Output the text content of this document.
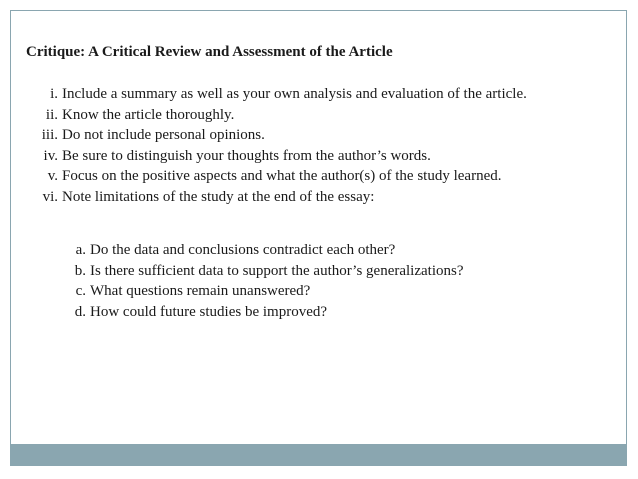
Critique: A Critical Review and Assessment of the Article
i. Include a summary as well as your own analysis and evaluation of the article.
ii. Know the article thoroughly.
iii. Do not include personal opinions.
iv. Be sure to distinguish your thoughts from the author’s words.
v. Focus on the positive aspects and what the author(s) of the study learned.
vi. Note limitations of the study at the end of the essay:
a. Do the data and conclusions contradict each other?
b. Is there sufficient data to support the author’s generalizations?
c. What questions remain unanswered?
d. How could future studies be improved?
